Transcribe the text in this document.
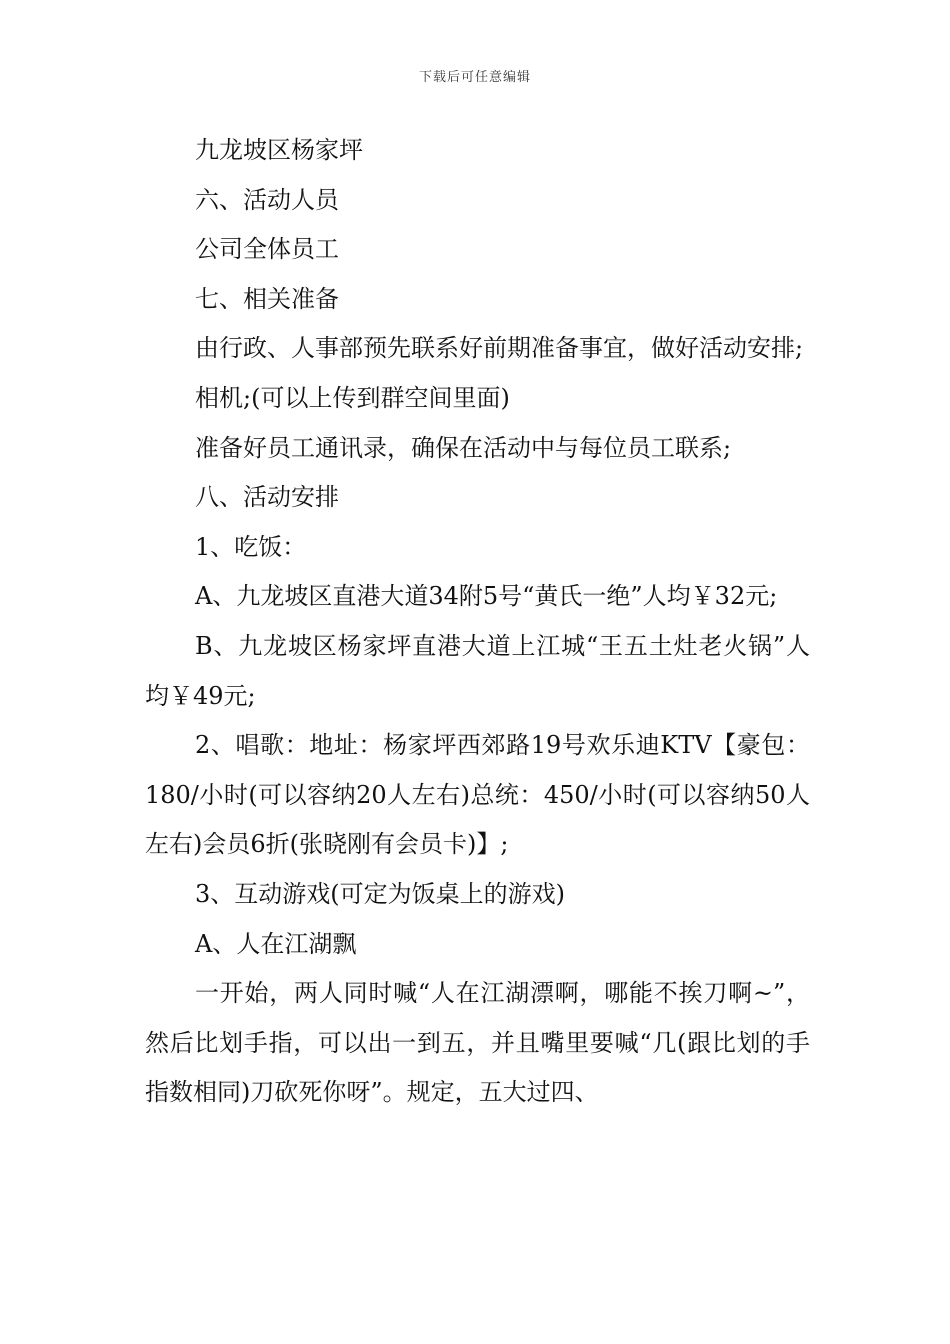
下载后可任意编辑

九龙坡区杨家坪

六、活动人员

公司全体员工

七、相关准备

由行政、人事部预先联系好前期准备事宜，做好活动安排;

相机;(可以上传到群空间里面)

准备好员工通讯录，确保在活动中与每位员工联系;

八、活动安排

1、吃饭：

A、九龙坡区直港大道34附5号“黄氏一绝”人均￥32元;

B、九龙坡区杨家坪直港大道上江城“王五土灶老火锅”人均￥49元;

2、唱歌：地址：杨家坪西郊路19号欢乐迪KTV【豪包：180/小时(可以容纳20人左右)总统：450/小时(可以容纳50人左右)会员6折(张晓刚有会员卡)】;

3、互动游戏(可定为饭桌上的游戏)

A、人在江湖飘

一开始，两人同时喊“人在江湖漂啊，哪能不挨刀啊~”，然后比划手指，可以出一到五，并且嘴里要喊“几(跟比划的手指数相同)刀砍死你呀”。规定，五大过四、
